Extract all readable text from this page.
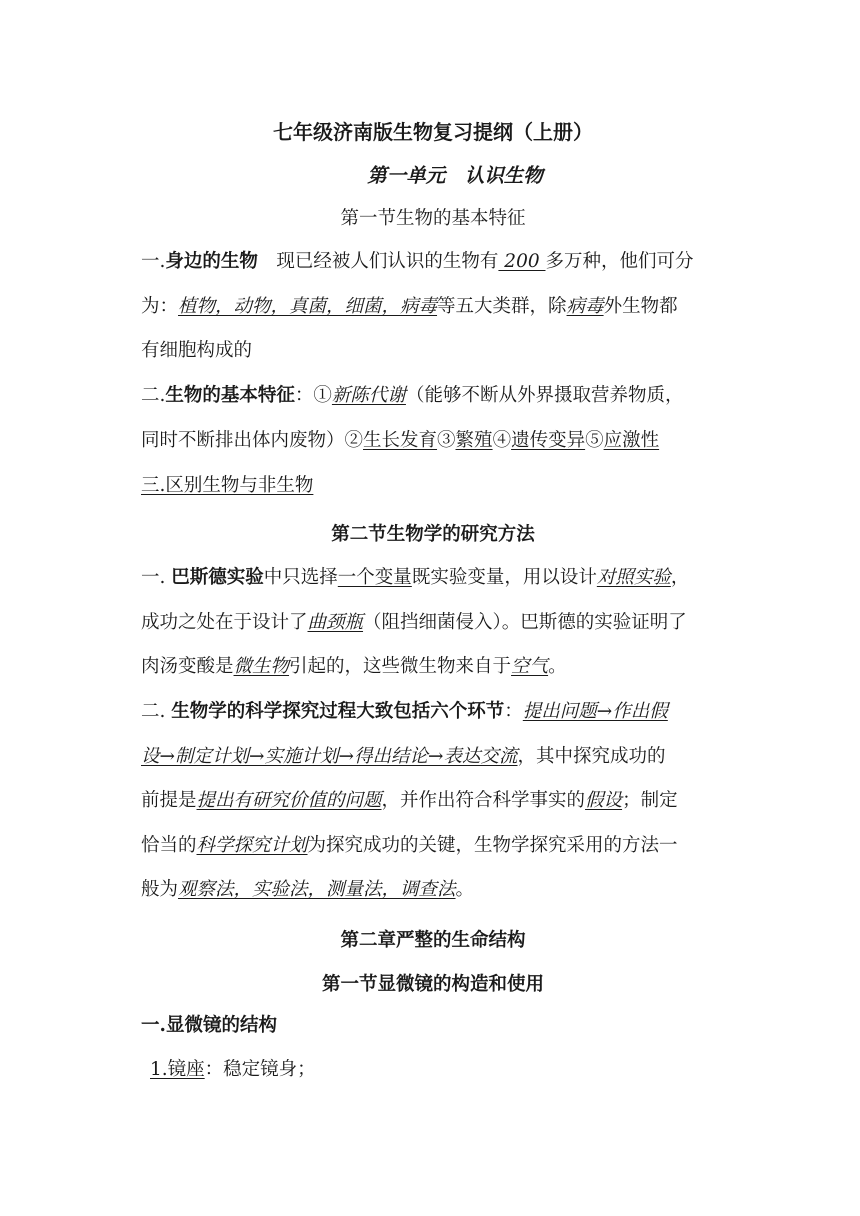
七年级济南版生物复习提纲（上册）
第一单元　认识生物
第一节生物的基本特征
一.身边的生物　现已经被人们认识的生物有 200 多万种，他们可分
为：植物，动物，真菌，细菌，病毒等五大类群，除病毒外生物都
有细胞构成的
二.生物的基本特征：①新陈代谢（能够不断从外界摄取营养物质，
同时不断排出体内废物）②生长发育③繁殖④遗传变异⑤应激性
三.区别生物与非生物
第二节生物学的研究方法
一. 巴斯德实验中只选择一个变量既实验变量，用以设计对照实验，
成功之处在于设计了曲颈瓶（阻挡细菌侵入）。巴斯德的实验证明了
肉汤变酸是微生物引起的，这些微生物来自于空气。
二. 生物学的科学探究过程大致包括六个环节：提出问题→作出假
设→制定计划→实施计划→得出结论→表达交流，其中探究成功的
前提是提出有研究价值的问题，并作出符合科学事实的假设；制定
恰当的科学探究计划为探究成功的关键，生物学探究采用的方法一
般为观察法，实验法，测量法，调查法。
第二章严整的生命结构
第一节显微镜的构造和使用
一.显微镜的结构
1.镜座：稳定镜身；
